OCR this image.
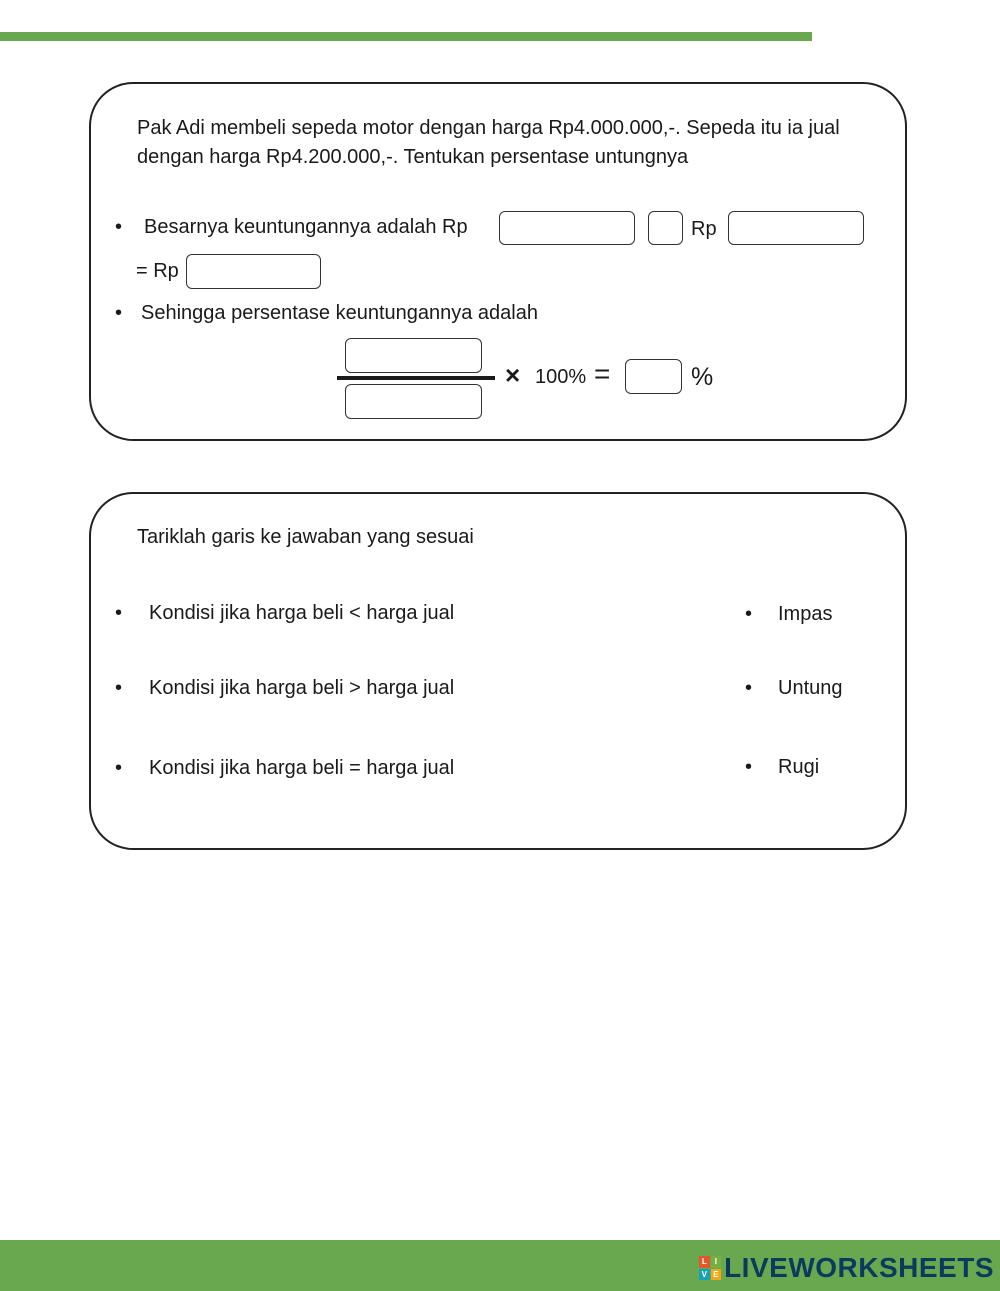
Pak Adi membeli sepeda motor dengan harga Rp4.000.000,-. Sepeda itu ia jual dengan harga Rp4.200.000,-. Tentukan persentase untungnya
• Besarnya keuntungannya adalah Rp	Rp
= Rp
• Sehingga persentase keuntungannya adalah
× 100% =	%
Tariklah garis ke jawaban yang sesuai
• Kondisi jika harga beli < harga jual
• Kondisi jika harga beli > harga jual
• Kondisi jika harga beli = harga jual
• Impas
• Untung
• Rugi
L I
V E LIVEWORKSHEETS
